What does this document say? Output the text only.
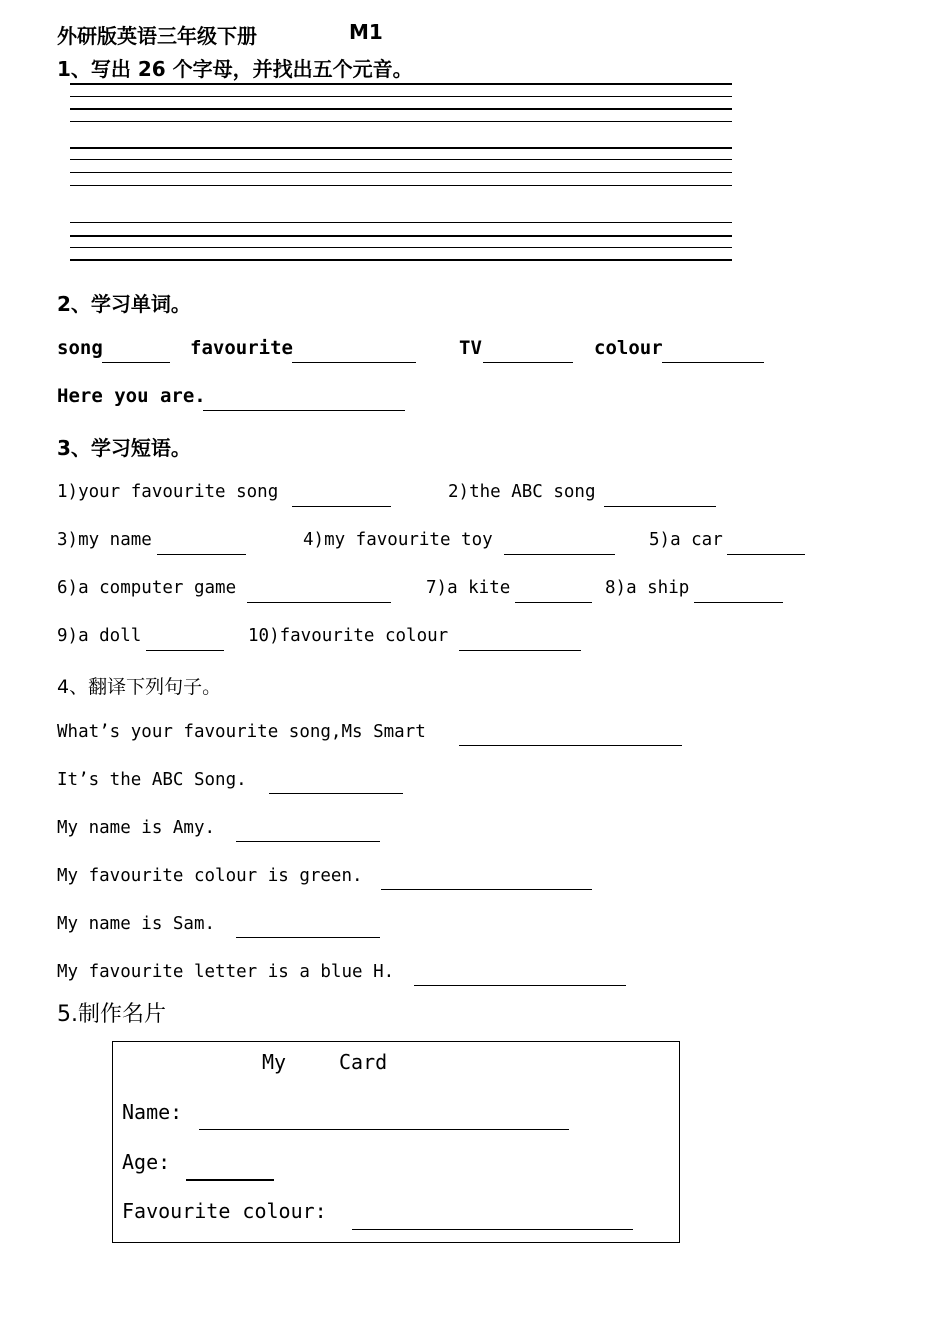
外研版英语三年级下册	M1
1、写出 26 个字母，并找出五个元音。
2、学习单词。
song	favourite	TV	colour
Here you are.
3、学习短语。
1)your favourite song	2)the ABC song
3)my name	4)my favourite toy	5)a car
6)a computer game	7)a kite	8)a ship
9)a doll	10)favourite colour
4、翻译下列句子。
What’s your favourite song,Ms Smart
It’s the ABC Song.
My name is Amy.
My favourite colour is green.
My name is Sam.
My favourite letter is a blue H.
5.制作名片
My	Card
Name:
Age:
Favourite colour:
